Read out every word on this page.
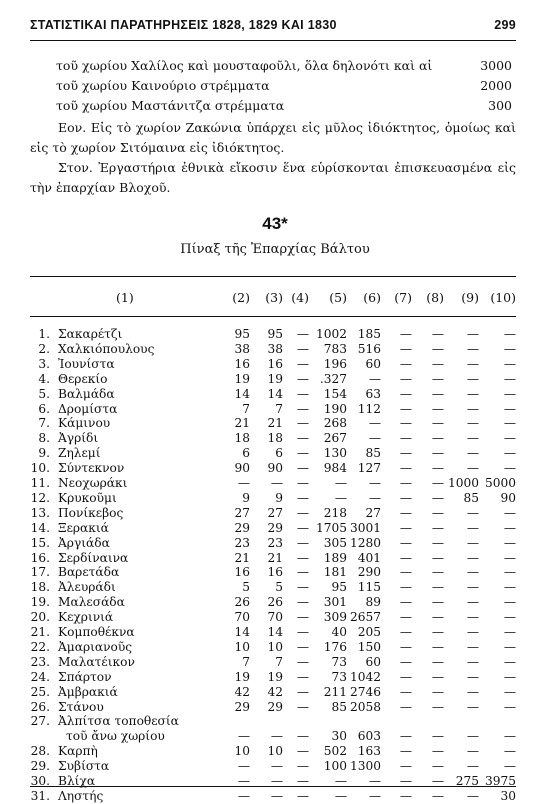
ΣΤΑΤΙΣΤΙΚΑΙ ΠΑΡΑΤΗΡΗΣΕΙΣ 1828, 1829 ΚΑΙ 1830	299
τοῦ χωρίου Χαλίλος καὶ μουσταφοῦλι, ὅλα δηλονότι καὶ αἱ	3000
τοῦ χωρίου Καινούριο στρέμματα	2000
τοῦ χωρίου Μαστάνιτζα στρέμματα	300
Εον. Εἰς τὸ χωρίον Ζακώνια ὑπάρχει εἰς μῦλος ἰδιόκτητος, ὁμοίως καὶ εἰς τὸ χωρίον Σιτόμαινα εἰς ἰδιόκτητος.
Στον. Ἐργαστήρια ἐθνικὰ εἴκοσιν ἕνα εὑρίσκονται ἐπισκευασμένα εἰς τὴν ἐπαρχίαν Βλοχοῦ.
43*
Πίναξ τῆς Ἐπαρχίας Βάλτου
(1)	(2) (3) (4) (5) (6) (7) (8) (9) (10)
1. Σακαρέτζι	95 95 — 1002 185 — — — —
2. Χαλκιόπουλους	38 38 — 783 516 — — — —
3. Ἰουνίστα	16 16 — 196 60 — — — —
4. Θερεκίο	19 19 — .327 — — — — —
5. Βαλμάδα	14 14 — 154 63 — — — —
6. Δρομίστα	7 7 — 190 112 — — — —
7. Κάμινου	21 21 — 268 — — — — —
8. Ἀγρίδι	18 18 — 267 — — — — —
9. Ζηλεμί	6 6 — 130 85 — — — —
10. Σύντεκνον	90 90 — 984 127 — — — —
11. Νεοχωράκι	— — — — — — — 1000 5000
12. Κρυκοῦμι	9 9 — — — — — 85 90
13. Πονίκεβος	27 27 — 218 27 — — — —
14. Ξερακιά	29 29 — 1705 3001 — — — —
15. Ἀργιάδα	23 23 — 305 1280 — — — —
16. Σερδίναινα	21 21 — 189 401 — — — —
17. Βαρετάδα	16 16 — 181 290 — — — —
18. Ἀλευράδι	5 5 — 95 115 — — — —
19. Μαλεσάδα	26 26 — 301 89 — — — —
20. Κεχρινιά	70 70 — 309 2657 — — — —
21. Κομποθέκνα	14 14 — 40 205 — — — —
22. Ἀμαριανοῦς	10 10 — 176 150 — — — —
23. Μαλατέικον	7 7 — 73 60 — — — —
24. Σπάρτον	19 19 — 73 1042 — — — —
25. Ἀμβρακιά	42 42 — 211 2746 — — — —
26. Στάνου	29 29 — 85 2058 — — — —
27. Ἀλπίτσα τοποθεσία
τοῦ ἄνω χωρίου	— — — 30 603 — — — —
28. Καρπὴ	10 10 — 502 163 — — — —
29. Συβίστα	— — — 100 1300 — — — —
30. Βλίχα	— — — — — — — 275 3975
31. Ληστής	— — — — — — — — 30
